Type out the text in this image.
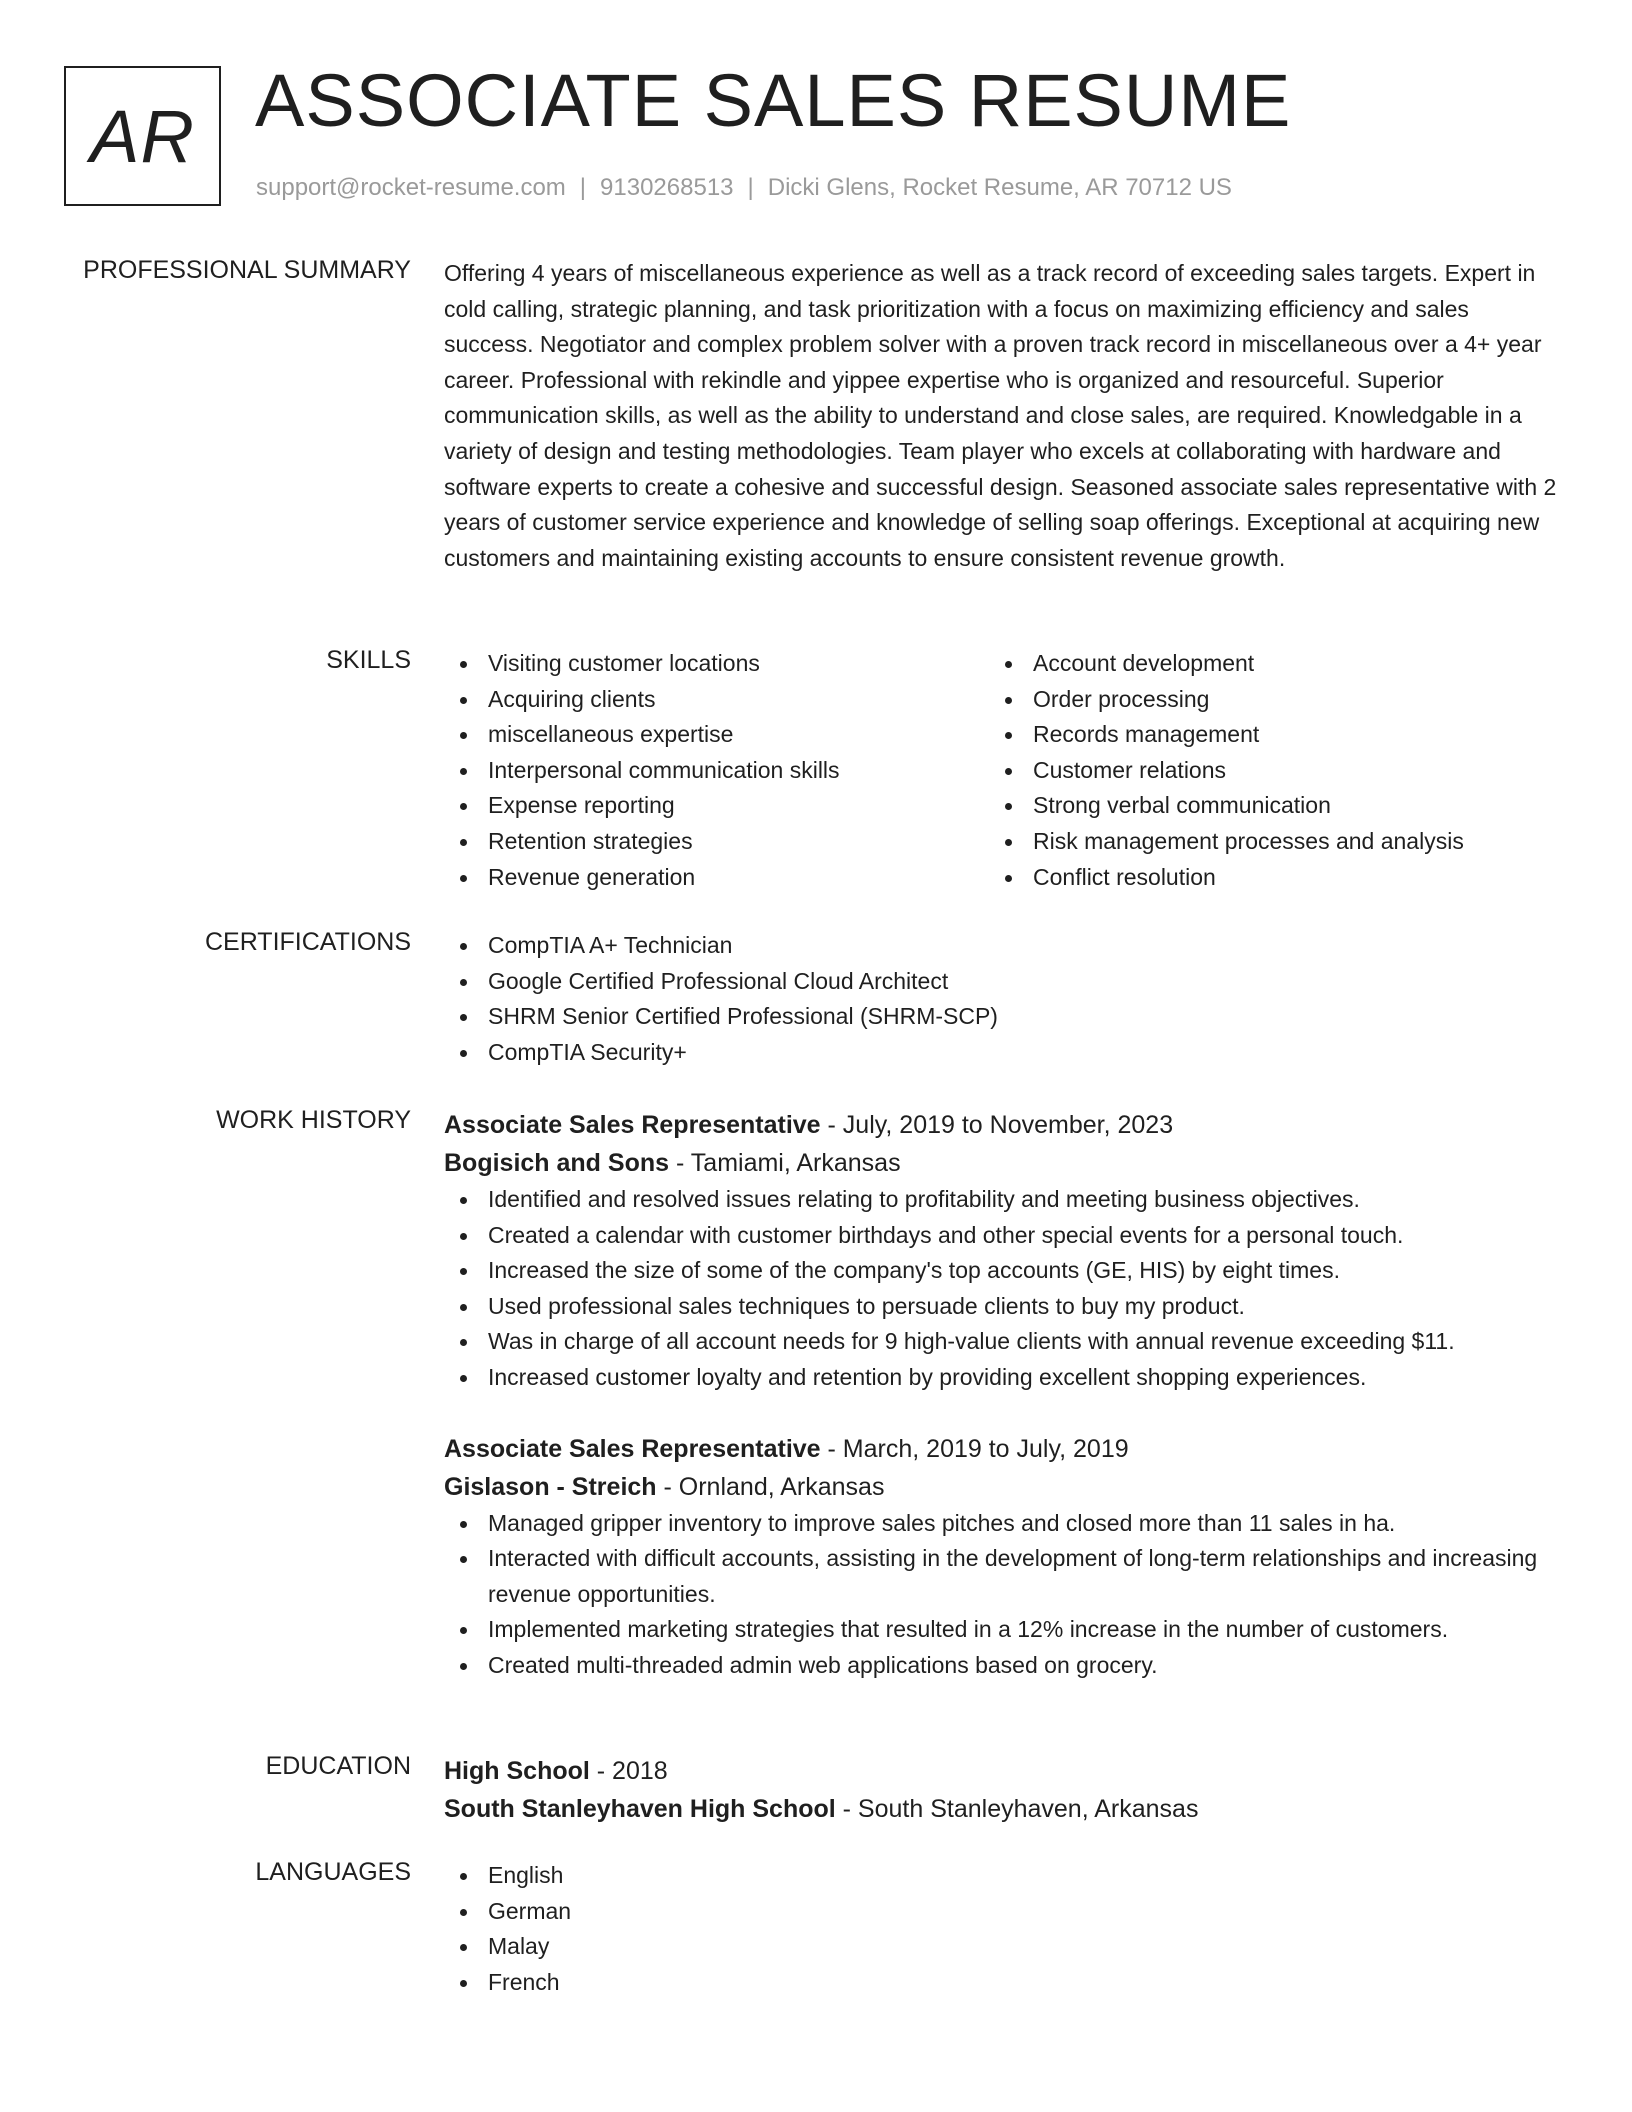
AR ASSOCIATE SALES RESUME
support@rocket-resume.com | 9130268513 | Dicki Glens, Rocket Resume, AR 70712 US
PROFESSIONAL SUMMARY Offering 4 years of miscellaneous experience as well as a track record of exceeding sales targets. Expert in cold calling, strategic planning, and task prioritization with a focus on maximizing efficiency and sales success. Negotiator and complex problem solver with a proven track record in miscellaneous over a 4+ year career. Professional with rekindle and yippee expertise who is organized and resourceful. Superior communication skills, as well as the ability to understand and close sales, are required. Knowledgable in a variety of design and testing methodologies. Team player who excels at collaborating with hardware and software experts to create a cohesive and successful design. Seasoned associate sales representative with 2 years of customer service experience and knowledge of selling soap offerings. Exceptional at acquiring new customers and maintaining existing accounts to ensure consistent revenue growth.

SKILLS	Visiting customer locations
Acquiring clients
miscellaneous expertise
Interpersonal communication skills
Expense reporting
Retention strategies
Revenue generation
Account development
Order processing
Records management
Customer relations
Strong verbal communication
Risk management processes and analysis
Conflict resolution
CERTIFICATIONS	CompTIA A+ Technician
Google Certified Professional Cloud Architect
SHRM Senior Certified Professional (SHRM-SCP)
CompTIA Security+
WORK HISTORY Associate Sales Representative - July, 2019 to November, 2023
Bogisich and Sons - Tamiami, Arkansas
Identified and resolved issues relating to profitability and meeting business objectives.
Created a calendar with customer birthdays and other special events for a personal touch.
Increased the size of some of the company's top accounts (GE, HIS) by eight times.
Used professional sales techniques to persuade clients to buy my product.
Was in charge of all account needs for 9 high-value clients with annual revenue exceeding $11.
Increased customer loyalty and retention by providing excellent shopping experiences.
Associate Sales Representative - March, 2019 to July, 2019
Gislason - Streich - Ornland, Arkansas
Managed gripper inventory to improve sales pitches and closed more than 11 sales in ha.
Interacted with difficult accounts, assisting in the development of long-term relationships and increasing revenue opportunities.
Implemented marketing strategies that resulted in a 12% increase in the number of customers.
Created multi-threaded admin web applications based on grocery.
EDUCATION High School - 2018
South Stanleyhaven High School - South Stanleyhaven, Arkansas
LANGUAGES	English
German
Malay
French
